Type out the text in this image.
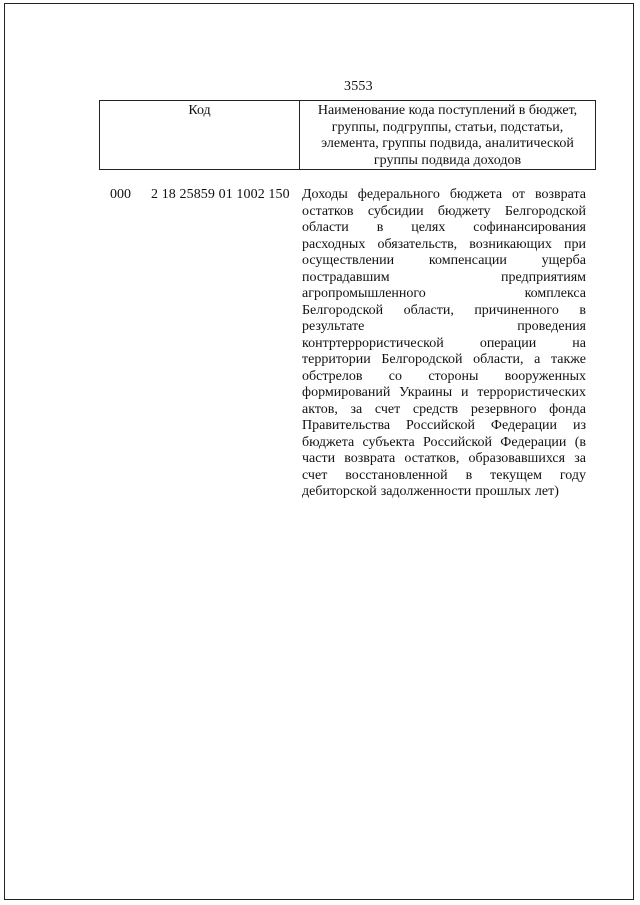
3553
Код	Наименование кода поступлений в бюджет,
группы, подгруппы, статьи, подстатьи,
элемента, группы подвида, аналитической
группы подвида доходов
000 2 18 25859 01 1002 150 Доходы федерального бюджета от возврата
остатков субсидии бюджету Белгородской
области в целях софинансирования
расходных обязательств, возникающих при
осуществлении компенсации ущерба
пострадавшим	предприятиям
агропромышленного	комплекса
Белгородской области, причиненного в
результате	проведения
контртеррористической	операции	на
территории Белгородской области, а также
обстрелов со стороны вооруженных
формирований Украины и террористических
актов, за счет средств резервного фонда
Правительства Российской Федерации из
бюджета субъекта Российской Федерации (в
части возврата остатков, образовавшихся за
счет восстановленной в текущем году
дебиторской задолженности прошлых лет)
